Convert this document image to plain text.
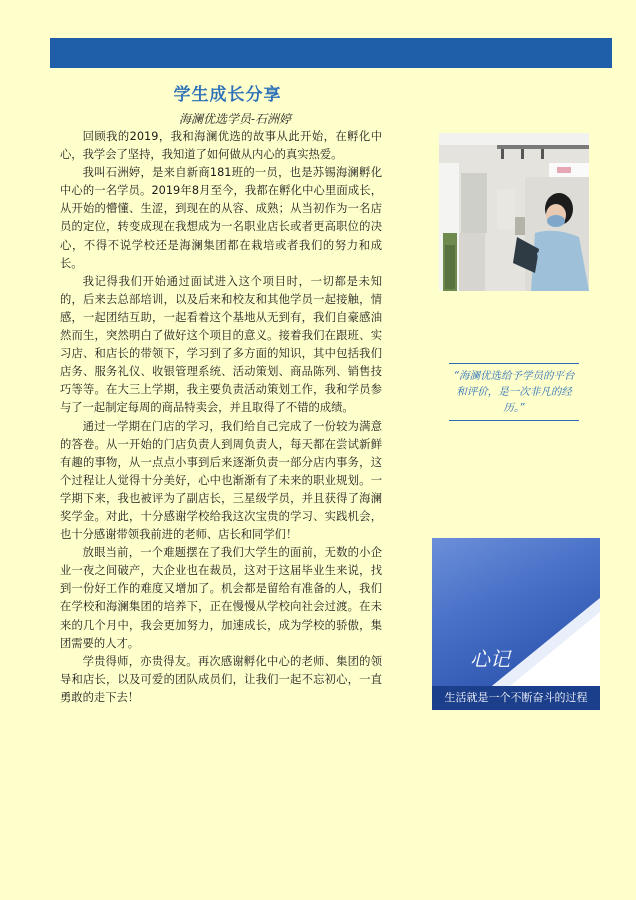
学生成长分享
海澜优选学员-石洲婷

回顾我的2019，我和海澜优选的故事从此开始，在孵化中心，我学会了坚持，我知道了如何做从内心的真实热爱。

我叫石洲婷，是来自新商181班的一员，也是苏锡海澜孵化中心的一名学员。2019年8月至今，我都在孵化中心里面成长，从开始的懵懂、生涩，到现在的从容、成熟；从当初作为一名店员的定位，转变成现在我想成为一名职业店长或者更高职位的决心，不得不说学校还是海澜集团都在栽培或者我们的努力和成长。

我记得我们开始通过面试进入这个项目时，一切都是未知的，后来去总部培训，以及后来和校友和其他学员一起接触，情感，一起团结互助，一起看着这个基地从无到有，我们自豪感油然而生，突然明白了做好这个项目的意义。接着我们在跟班、实习店、和店长的带领下，学习到了多方面的知识，其中包括我们店务、服务礼仪、收银管理系统、活动策划、商品陈列、销售技巧等等。在大三上学期，我主要负责活动策划工作，我和学员参与了一起制定每周的商品特卖会，并且取得了不错的成绩。

通过一学期在门店的学习，我们给自己完成了一份较为满意的答卷。从一开始的门店负责人到周负责人，每天都在尝试新鲜有趣的事物，从一点点小事到后来逐渐负责一部分店内事务，这个过程让人觉得十分美好，心中也渐渐有了未来的职业规划。一学期下来，我也被评为了副店长，三星级学员，并且获得了海澜奖学金。对此，十分感谢学校给我这次宝贵的学习、实践机会，也十分感谢带领我前进的老师、店长和同学们！

放眼当前，一个难题摆在了我们大学生的面前，无数的小企业一夜之间破产，大企业也在裁员，这对于这届毕业生来说，找到一份好工作的难度又增加了。机会都是留给有准备的人，我们在学校和海澜集团的培养下，正在慢慢从学校向社会过渡。在未来的几个月中，我会更加努力，加速成长，成为学校的骄傲，集团需要的人才。

学贵得师，亦贵得友。再次感谢孵化中心的老师、集团的领导和店长，以及可爱的团队成员们，让我们一起不忘初心，一直勇敢的走下去！

“海澜优选给予学员的平台和评价，是一次非凡的经历。”
心记
生活就是一个不断奋斗的过程
